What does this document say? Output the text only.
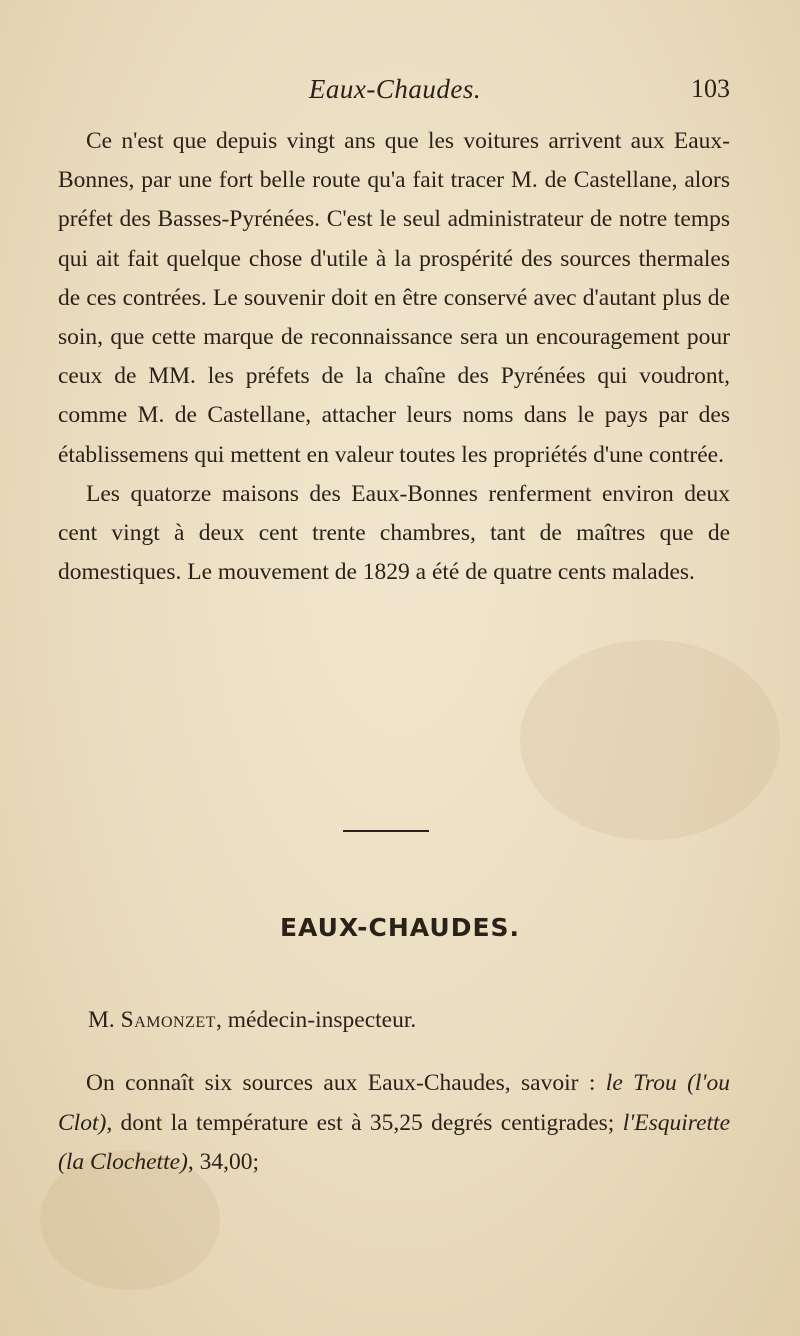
Eaux-Chaudes.	103

Ce n'est que depuis vingt ans que les voitures arrivent aux Eaux-Bonnes, par une fort belle route qu'a fait tracer M. de Castellane, alors préfet des Basses-Pyrénées. C'est le seul administrateur de notre temps qui ait fait quelque chose d'utile à la prospérité des sources thermales de ces contrées. Le souvenir doit en être conservé avec d'autant plus de soin, que cette marque de reconnaissance sera un encouragement pour ceux de MM. les préfets de la chaîne des Pyrénées qui voudront, comme M. de Castellane, attacher leurs noms dans le pays par des établissemens qui mettent en valeur toutes les propriétés d'une contrée.

Les quatorze maisons des Eaux-Bonnes renferment environ deux cent vingt à deux cent trente chambres, tant de maîtres que de domestiques. Le mouvement de 1829 a été de quatre cents malades.

EAUX-CHAUDES.
M. Samonzet, médecin-inspecteur.

On connaît six sources aux Eaux-Chaudes, savoir : le Trou (l'ou Clot), dont la température est à 35,25 degrés centigrades; l'Esquirette (la Clochette), 34,00;
